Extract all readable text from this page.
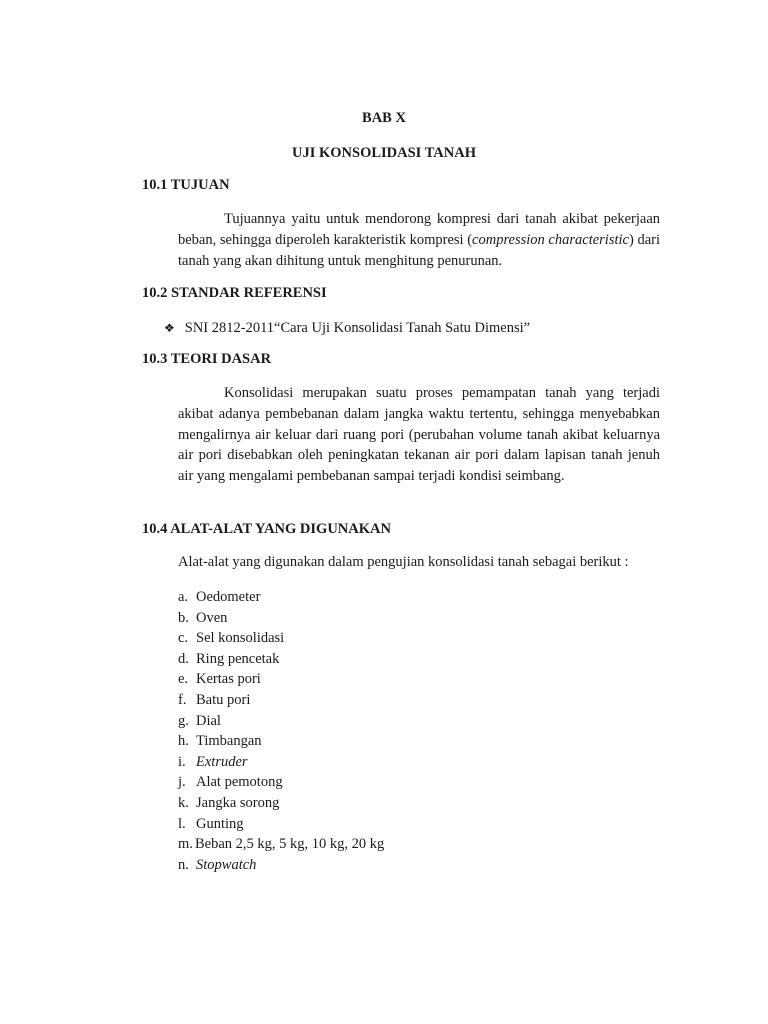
BAB X
UJI KONSOLIDASI TANAH
10.1 TUJUAN
Tujuannya yaitu untuk mendorong kompresi dari tanah akibat pekerjaan beban, sehingga diperoleh karakteristik kompresi (compression characteristic) dari tanah yang akan dihitung untuk menghitung penurunan.
10.2 STANDAR REFERENSI
❖ SNI 2812-2011“Cara Uji Konsolidasi Tanah Satu Dimensi”
10.3 TEORI DASAR
Konsolidasi merupakan suatu proses pemampatan tanah yang terjadi akibat adanya pembebanan dalam jangka waktu tertentu, sehingga menyebabkan mengalirnya air keluar dari ruang pori (perubahan volume tanah akibat keluarnya air pori disebabkan oleh peningkatan tekanan air pori dalam lapisan tanah jenuh air yang mengalami pembebanan sampai terjadi kondisi seimbang.
10.4 ALAT-ALAT YANG DIGUNAKAN
Alat-alat yang digunakan dalam pengujian konsolidasi tanah sebagai berikut :
a. Oedometer
b. Oven
c. Sel konsolidasi
d. Ring pencetak
e. Kertas pori
f. Batu pori
g. Dial
h. Timbangan
i. Extruder
j. Alat pemotong
k. Jangka sorong
l. Gunting
m. Beban 2,5 kg, 5 kg, 10 kg, 20 kg
n. Stopwatch
